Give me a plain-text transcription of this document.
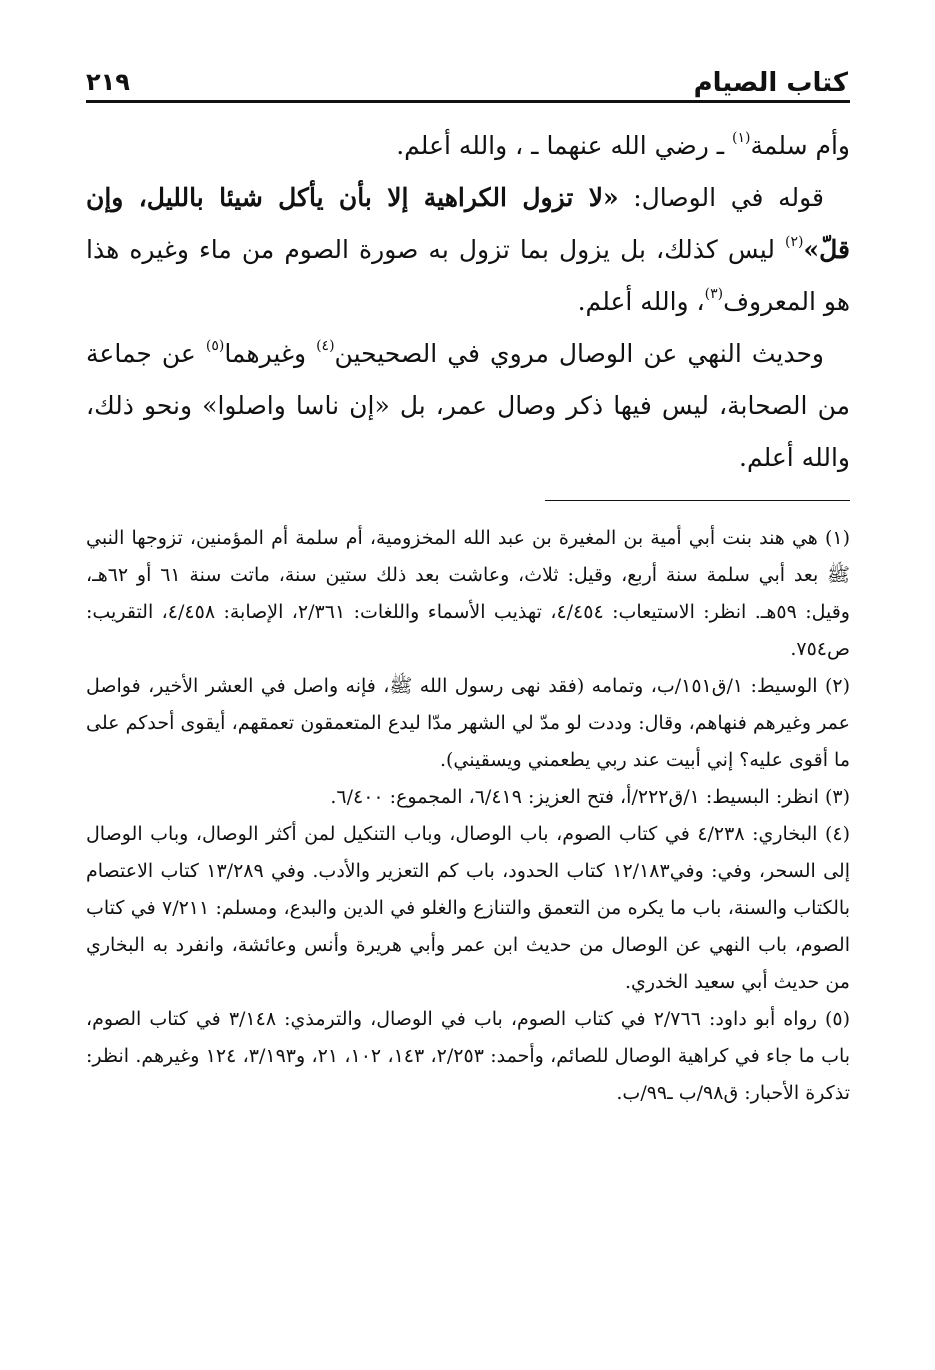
كتاب الصيام
٢١٩

وأم سلمة$^{(١)}$ ـ رضي الله عنهما ـ ، والله أعلم.

قوله في الوصال: «لا تزول الكراهية إلا بأن يأكل شيئا بالليل، وإن قلّ»$^{(٢)}$ ليس كذلك، بل يزول بما تزول به صورة الصوم من ماء وغيره هذا هو المعروف$^{(٣)}$، والله أعلم.

وحديث النهي عن الوصال مروي في الصحيحين$^{(٤)}$ وغيرهما$^{(٥)}$ عن جماعة من الصحابة، ليس فيها ذكر وصال عمر، بل «إن ناسا واصلوا» ونحو ذلك، والله أعلم.

(١) هي هند بنت أبي أمية بن المغيرة بن عبد الله المخزومية، أم سلمة أم المؤمنين، تزوجها النبي ﷺ بعد أبي سلمة سنة أربع، وقيل: ثلاث، وعاشت بعد ذلك ستين سنة، ماتت سنة ٦١ أو ٦٢هـ، وقيل: ٥٩هـ. انظر: الاستيعاب: ٤/٤٥٤، تهذيب الأسماء واللغات: ٢/٣٦١، الإصابة: ٤/٤٥٨، التقريب: ص٧٥٤.

(٢) الوسيط: ١/ق١٥١/ب، وتمامه (فقد نهى رسول الله ﷺ، فإنه واصل في العشر الأخير، فواصل عمر وغيرهم فنهاهم، وقال: وددت لو مدّ لي الشهر مدّا ليدع المتعمقون تعمقهم، أيقوى أحدكم على ما أقوى عليه؟ إني أبيت عند ربي يطعمني ويسقيني).

(٣) انظر: البسيط: ١/ق٢٢٢/أ، فتح العزيز: ٦/٤١٩، المجموع: ٦/٤٠٠.

(٤) البخاري: ٤/٢٣٨ في كتاب الصوم، باب الوصال، وباب التنكيل لمن أكثر الوصال، وباب الوصال إلى السحر، وفي: وفي١٢/١٨٣ كتاب الحدود، باب كم التعزير والأدب. وفي ١٣/٢٨٩ كتاب الاعتصام بالكتاب والسنة، باب ما يكره من التعمق والتنازع والغلو في الدين والبدع، ومسلم: ٧/٢١١ في كتاب الصوم، باب النهي عن الوصال من حديث ابن عمر وأبي هريرة وأنس وعائشة، وانفرد به البخاري من حديث أبي سعيد الخدري.

(٥) رواه أبو داود: ٢/٧٦٦ في كتاب الصوم، باب في الوصال، والترمذي: ٣/١٤٨ في كتاب الصوم، باب ما جاء في كراهية الوصال للصائم، وأحمد: ٢/٢٥٣، ١٤٣، ١٠٢، ٢١، و٣/١٩٣، ١٢٤ وغيرهم. انظر: تذكرة الأحبار: ق٩٨/ب ـ٩٩/ب.
